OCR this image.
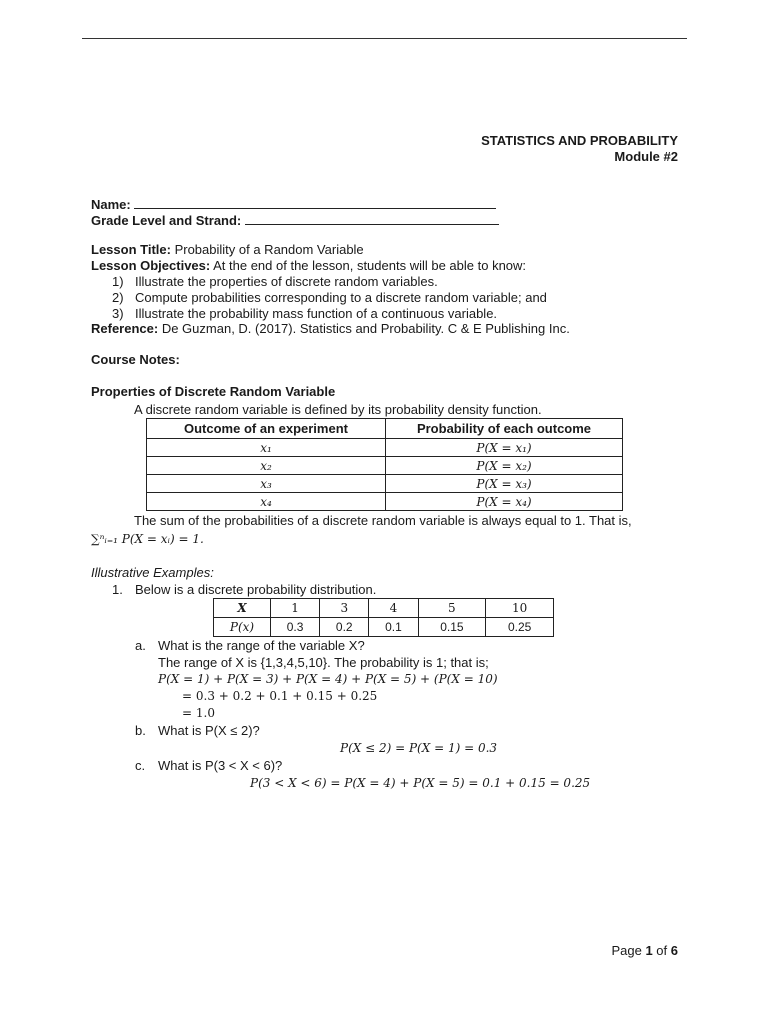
STATISTICS AND PROBABILITY
Module #2
Name:
Grade Level and Strand:
Lesson Title: Probability of a Random Variable
Lesson Objectives: At the end of the lesson, students will be able to know:
1) Illustrate the properties of discrete random variables.
2) Compute probabilities corresponding to a discrete random variable; and
3) Illustrate the probability mass function of a continuous variable.
Reference: De Guzman, D. (2017). Statistics and Probability. C & E Publishing Inc.
Course Notes:
Properties of Discrete Random Variable
A discrete random variable is defined by its probability density function.
Outcome of an experiment	Probability of each outcome
x₁	P(X = x₁)
x₂	P(X = x₂)
x₃	P(X = x₃)
x₄	P(X = x₄)
The sum of the probabilities of a discrete random variable is always equal to 1. That is,
∑ⁿᵢ₌₁ P(X = xᵢ) = 1.
Illustrative Examples:
1. Below is a discrete probability distribution.
X	1	3	4	5	10
P(x)	0.3	0.2	0.1	0.15	0.25
a. What is the range of the variable X?
The range of X is {1,3,4,5,10}. The probability is 1; that is;
P(X = 1) + P(X = 3) + P(X = 4) + P(X = 5) + (P(X = 10)
= 0.3 + 0.2 + 0.1 + 0.15 + 0.25
= 1.0
b. What is P(X ≤ 2)?
P(X ≤ 2) = P(X = 1) = 0.3
c. What is P(3 < X < 6)?
P(3 < X < 6) = P(X = 4) + P(X = 5) = 0.1 + 0.15 = 0.25
Page 1 of 6
